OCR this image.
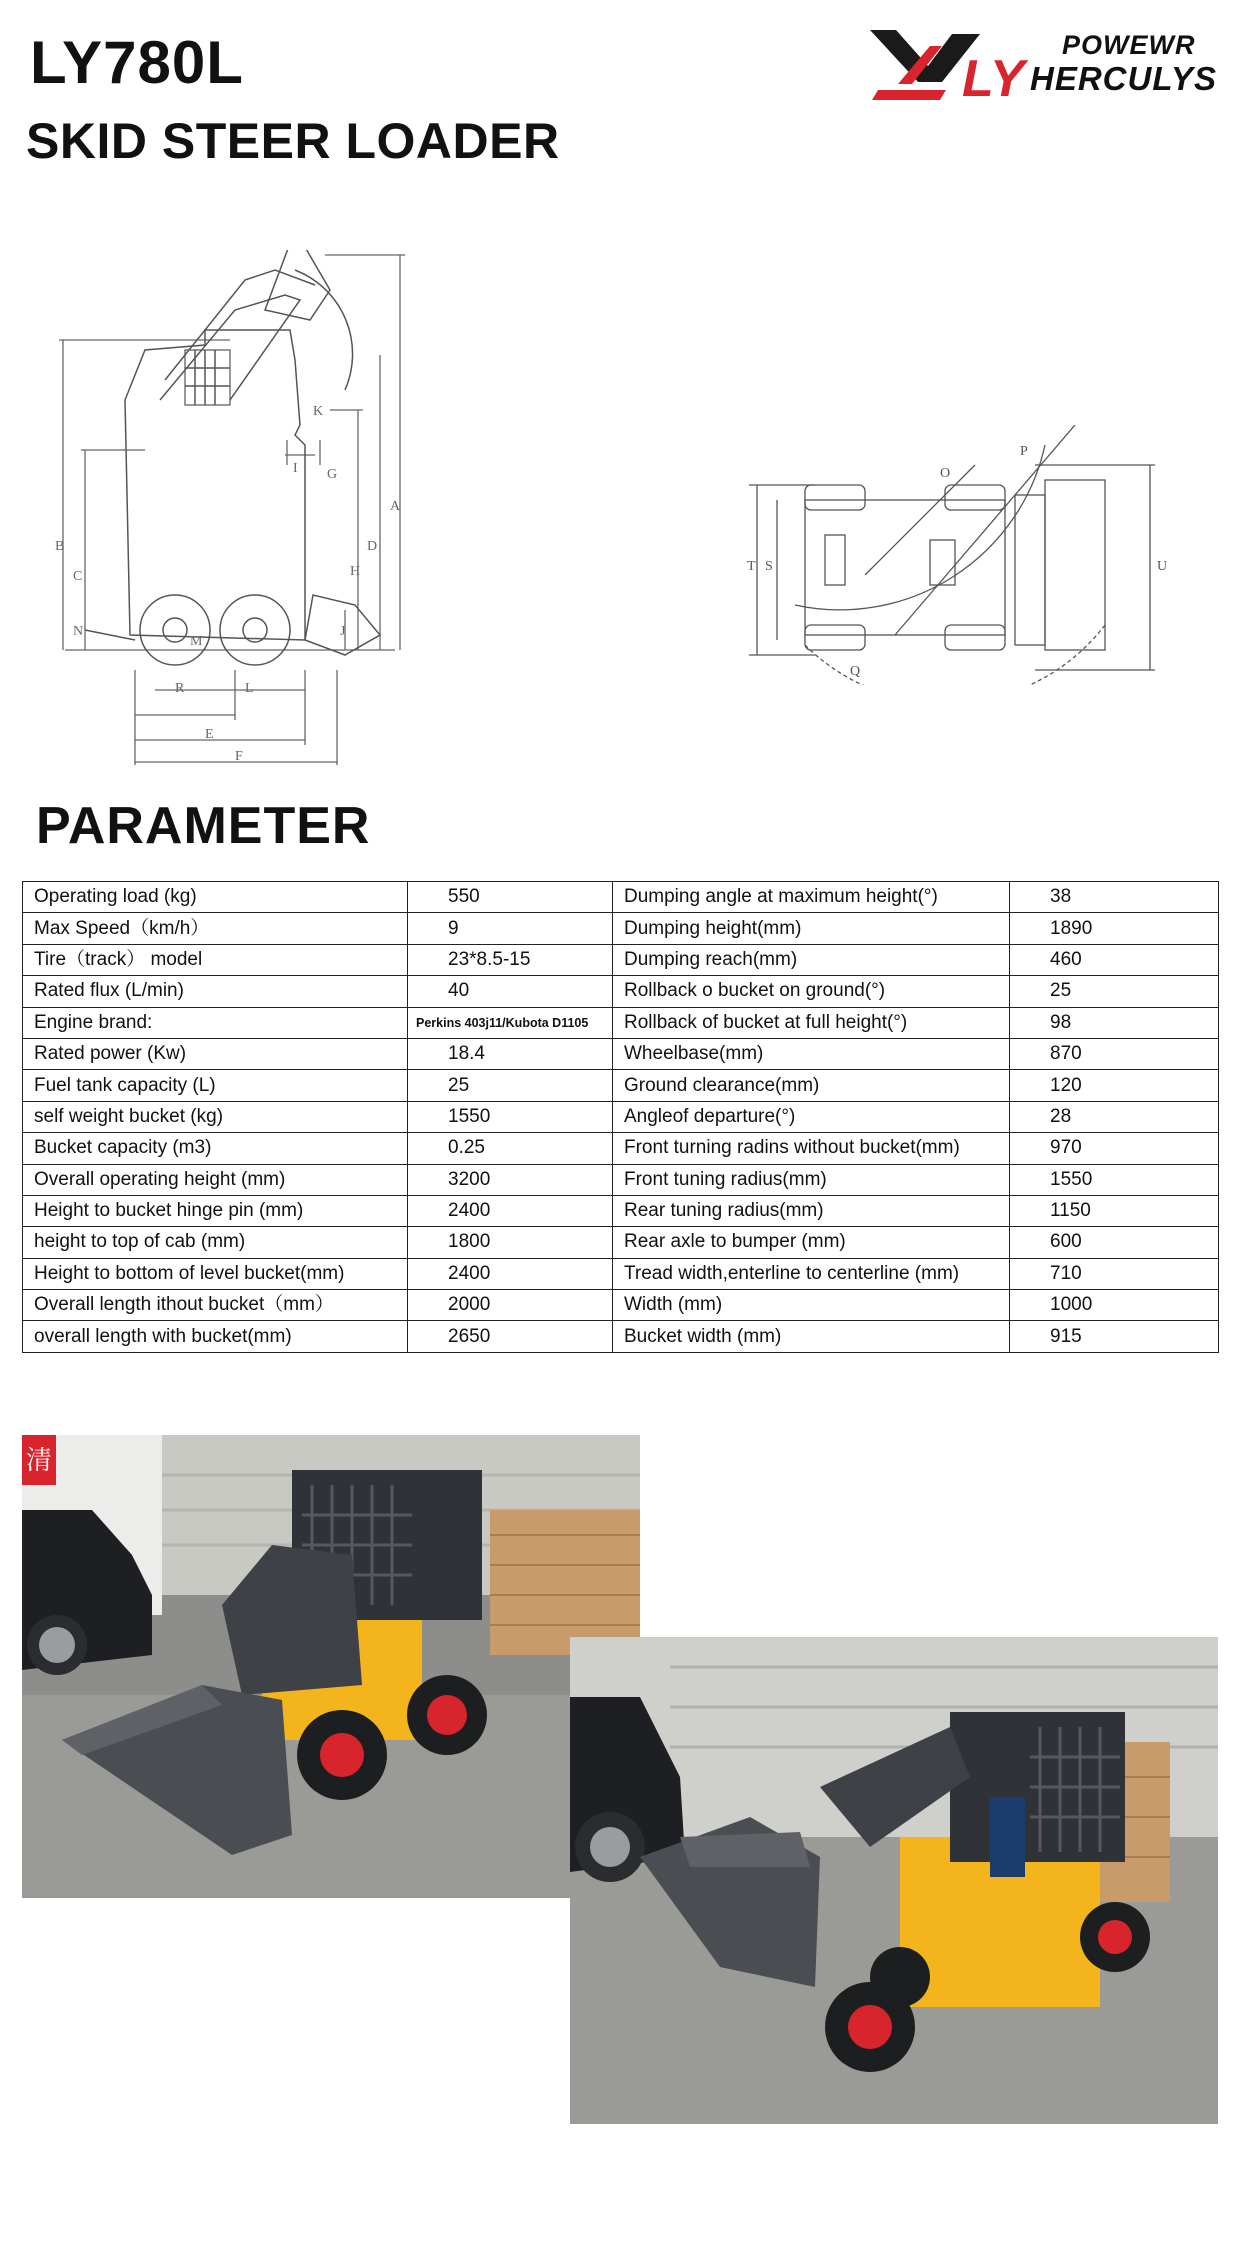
LY780L
SKID STEER LOADER
LY
POWEWR
HERCULYS
K
G
A
I
D
B
H
C
J
N
M
R	L
E
F
O
P
T S	U
Q
PARAMETER
Operating load (kg)	550	Dumping angle at maximum height(°)	38
Max Speed（km/h）	9	Dumping height(mm)	1890
Tire（track） model	23*8.5-15	Dumping reach(mm)	460
Rated flux (L/min)	40	Rollback o bucket on ground(°)	25
Engine brand:	Perkins 403j11/Kubota D1105	Rollback of bucket at full height(°)	98
Rated power (Kw)	18.4	Wheelbase(mm)	870
Fuel tank capacity (L)	25	Ground clearance(mm)	120
self weight bucket (kg)	1550	Angleof departure(°)	28
Bucket capacity (m3)	0.25	Front turning radins without bucket(mm)	970
Overall operating height (mm)	3200	Front tuning radius(mm)	1550
Height to bucket hinge pin (mm)	2400	Rear tuning radius(mm)	1150
height to top of cab (mm)	1800	Rear axle to bumper (mm)	600
Height to bottom of level bucket(mm)	2400	Tread width,enterline to centerline (mm)	710
Overall length ithout bucket（mm）	2000	Width (mm)	1000
overall length with bucket(mm)	2650	Bucket width (mm)	915
清
